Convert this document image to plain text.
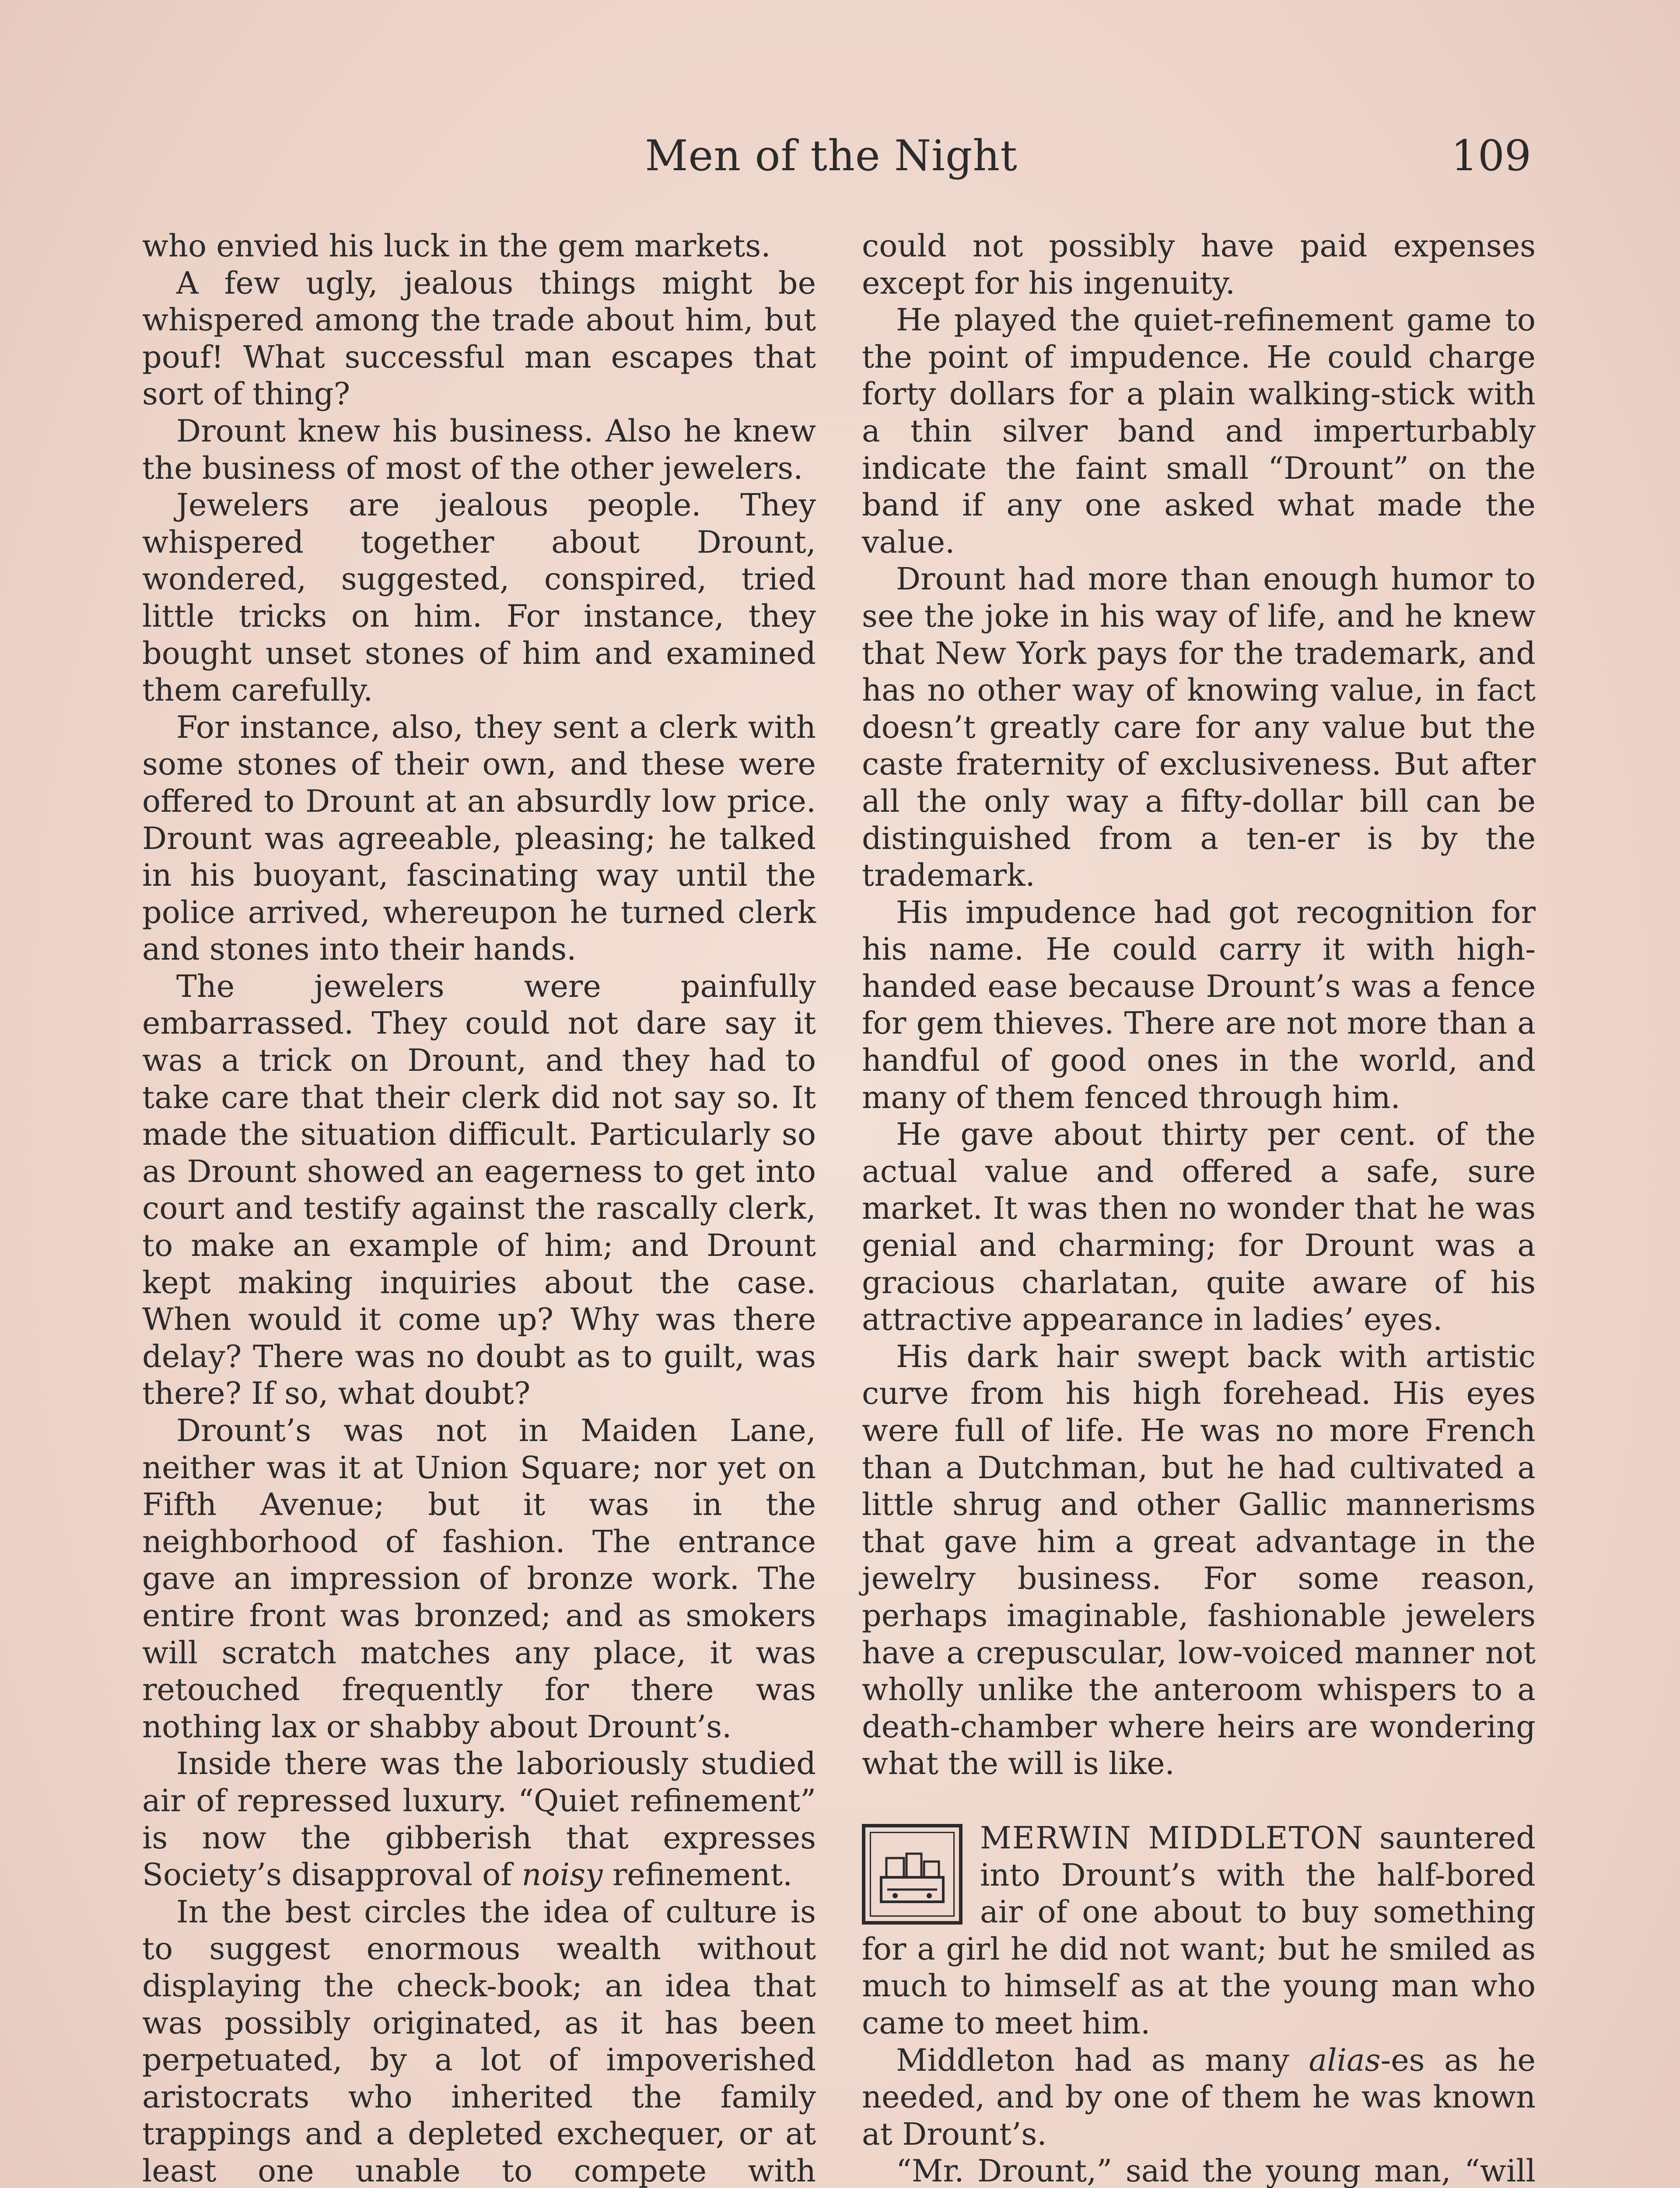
Men of the Night	109

who envied his luck in the gem markets.

A few ugly, jealous things might be whispered among the trade about him, but pouf! What successful man escapes that sort of thing?

Drount knew his business. Also he knew the business of most of the other jewelers.

Jewelers are jealous people. They whispered together about Drount, wondered, suggested, conspired, tried little tricks on him. For instance, they bought unset stones of him and examined them carefully.

For instance, also, they sent a clerk with some stones of their own, and these were offered to Drount at an absurdly low price. Drount was agreeable, pleasing; he talked in his buoyant, fascinating way until the police arrived, whereupon he turned clerk and stones into their hands.

The jewelers were painfully embarrassed. They could not dare say it was a trick on Drount, and they had to take care that their clerk did not say so. It made the situation difficult. Particularly so as Drount showed an eagerness to get into court and testify against the rascally clerk, to make an example of him; and Drount kept making inquiries about the case. When would it come up? Why was there delay? There was no doubt as to guilt, was there? If so, what doubt?

Drount’s was not in Maiden Lane, neither was it at Union Square; nor yet on Fifth Avenue; but it was in the neighborhood of fashion. The entrance gave an impression of bronze work. The entire front was bronzed; and as smokers will scratch matches any place, it was retouched frequently for there was nothing lax or shabby about Drount’s.

Inside there was the laboriously studied air of repressed luxury. “Quiet refinement” is now the gibberish that expresses Society’s disapproval of noisy refinement.

In the best circles the idea of culture is to suggest enormous wealth without displaying the check-book; an idea that was possibly originated, as it has been perpetuated, by a lot of impoverished aristocrats who inherited the family trappings and a depleted exchequer, or at least one unable to compete with

could not possibly have paid expenses except for his ingenuity.

He played the quiet-refinement game to the point of impudence. He could charge forty dollars for a plain walking-stick with a thin silver band and imperturbably indicate the faint small “Drount” on the band if any one asked what made the value.

Drount had more than enough humor to see the joke in his way of life, and he knew that New York pays for the trademark, and has no other way of knowing value, in fact doesn’t greatly care for any value but the caste fraternity of exclusiveness. But after all the only way a fifty-dollar bill can be distinguished from a ten-er is by the trademark.

His impudence had got recognition for his name. He could carry it with high-handed ease because Drount’s was a fence for gem thieves. There are not more than a handful of good ones in the world, and many of them fenced through him.

He gave about thirty per cent. of the actual value and offered a safe, sure market. It was then no wonder that he was genial and charming; for Drount was a gracious charlatan, quite aware of his attractive appearance in ladies’ eyes.

His dark hair swept back with artistic curve from his high forehead. His eyes were full of life. He was no more French than a Dutchman, but he had cultivated a little shrug and other Gallic mannerisms that gave him a great advantage in the jewelry business. For some reason, perhaps imaginable, fashionable jewelers have a crepuscular, low-voiced manner not wholly unlike the anteroom whispers to a death-chamber where heirs are wondering what the will is like.

MERWIN MIDDLETON sauntered into Drount’s with the half-bored air of one about to buy something for a girl he did not want; but he smiled as much to himself as at the young man who came to meet him.

Middleton had as many alias-es as he needed, and by one of them he was known at Drount’s.

“Mr. Drount,” said the young man, “will
